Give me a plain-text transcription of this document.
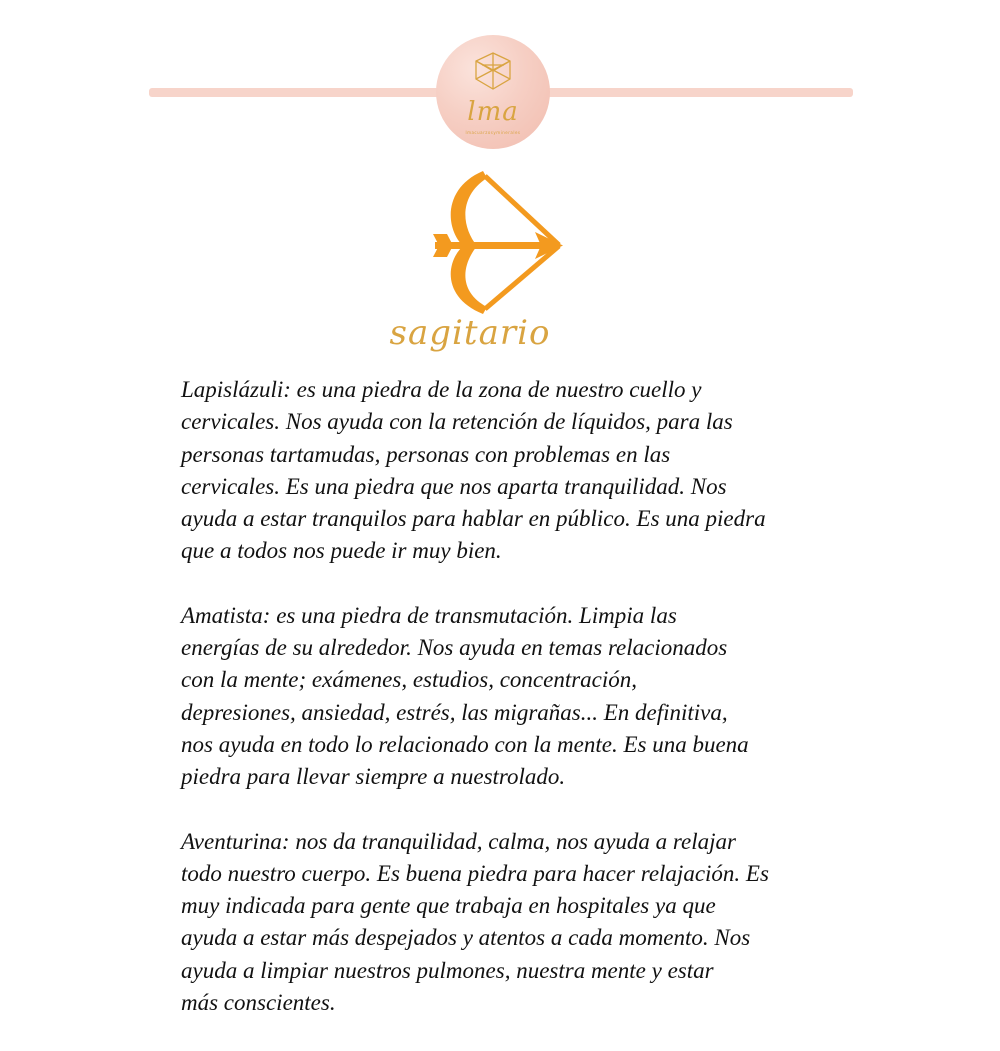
lma
lmacuarzosyminerales
sagitario

Lapislázuli: es una piedra de la zona de nuestro cuello y
cervicales. Nos ayuda con la retención de líquidos, para las
personas tartamudas, personas con problemas en las
cervicales. Es una piedra que nos aparta tranquilidad. Nos
ayuda a estar tranquilos para hablar en público. Es una piedra
que a todos nos puede ir muy bien.

Amatista: es una piedra de transmutación. Limpia las
energías de su alrededor. Nos ayuda en temas relacionados
con la mente; exámenes, estudios, concentración,
depresiones, ansiedad, estrés, las migrañas... En definitiva,
nos ayuda en todo lo relacionado con la mente. Es una buena
piedra para llevar siempre a nuestrolado.

Aventurina: nos da tranquilidad, calma, nos ayuda a relajar
todo nuestro cuerpo. Es buena piedra para hacer relajación. Es
muy indicada para gente que trabaja en hospitales ya que
ayuda a estar más despejados y atentos a cada momento. Nos
ayuda a limpiar nuestros pulmones, nuestra mente y estar
más conscientes.
